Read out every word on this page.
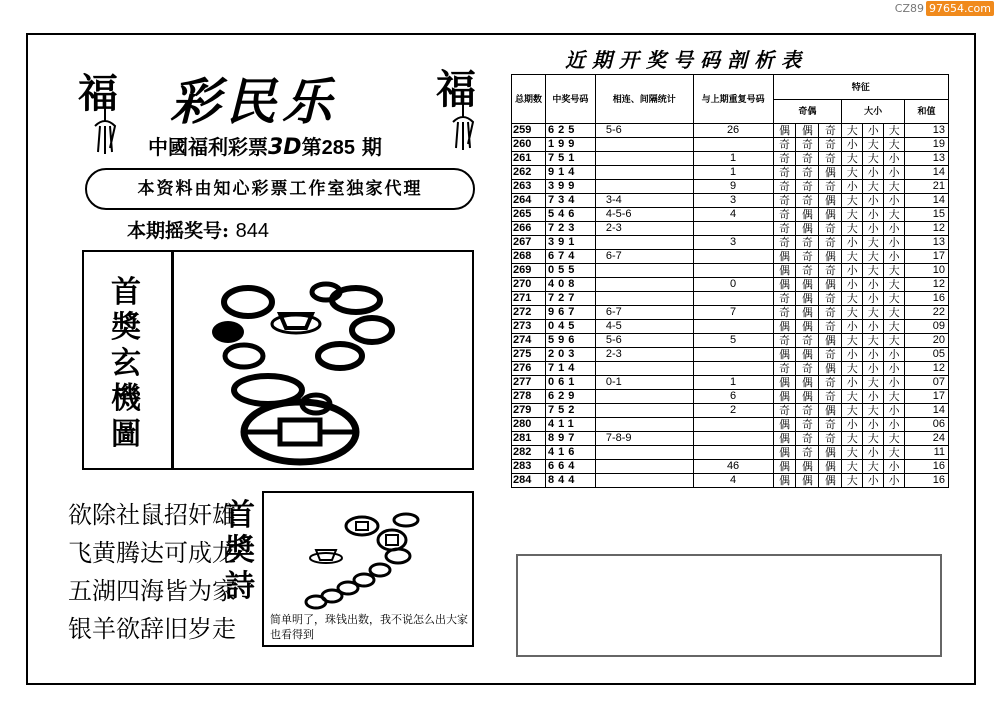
CZ89 97654.com
福	福
彩民乐
中國福利彩票3D第285 期
本资料由知心彩票工作室独家代理
本期摇奖号: 844
首
奬
玄
機
圖
欲除社鼠招奸雄
飞黄腾达可成龙
五湖四海皆为家
银羊欲辞旧岁走
首
奬
詩
简单明了，珠钱出数，我不说怎么出大家也看得到
近期开奖号码剖析表
总期数	中奖号码	相连、间隔统计	与上期重复号码	特征						
				奇偶			大小			和值
259	625	5-6	26	偶	偶	奇	大	小	大	13
260	199			奇	奇	奇	小	大	大	19
261	751		1	奇	奇	奇	大	大	小	13
262	914		1	奇	奇	偶	大	小	小	14
263	399		9	奇	奇	奇	小	大	大	21
264	734	3-4	3	奇	奇	偶	大	小	小	14
265	546	4-5-6	4	奇	偶	偶	大	小	大	15
266	723	2-3		奇	偶	奇	大	小	小	12
267	391		3	奇	奇	奇	小	大	小	13
268	674	6-7		偶	奇	偶	大	大	小	17
269	055			偶	奇	奇	小	大	大	10
270	408		0	偶	偶	偶	小	小	大	12
271	727			奇	偶	奇	大	小	大	16
272	967	6-7	7	奇	偶	奇	大	大	大	22
273	045	4-5		偶	偶	奇	小	小	大	09
274	596	5-6	5	奇	奇	偶	大	大	大	20
275	203	2-3		偶	偶	奇	小	小	小	05
276	714			奇	奇	偶	大	小	小	12
277	061	0-1	1	偶	偶	奇	小	大	小	07
278	629		6	偶	偶	奇	大	小	大	17
279	752		2	奇	奇	偶	大	大	小	14
280	411			偶	奇	奇	小	小	小	06
281	897	7-8-9		偶	奇	奇	大	大	大	24
282	416			偶	奇	偶	大	小	大	11
283	664		46	偶	偶	偶	大	大	小	16
284	844		4	偶	偶	偶	大	小	小	16
